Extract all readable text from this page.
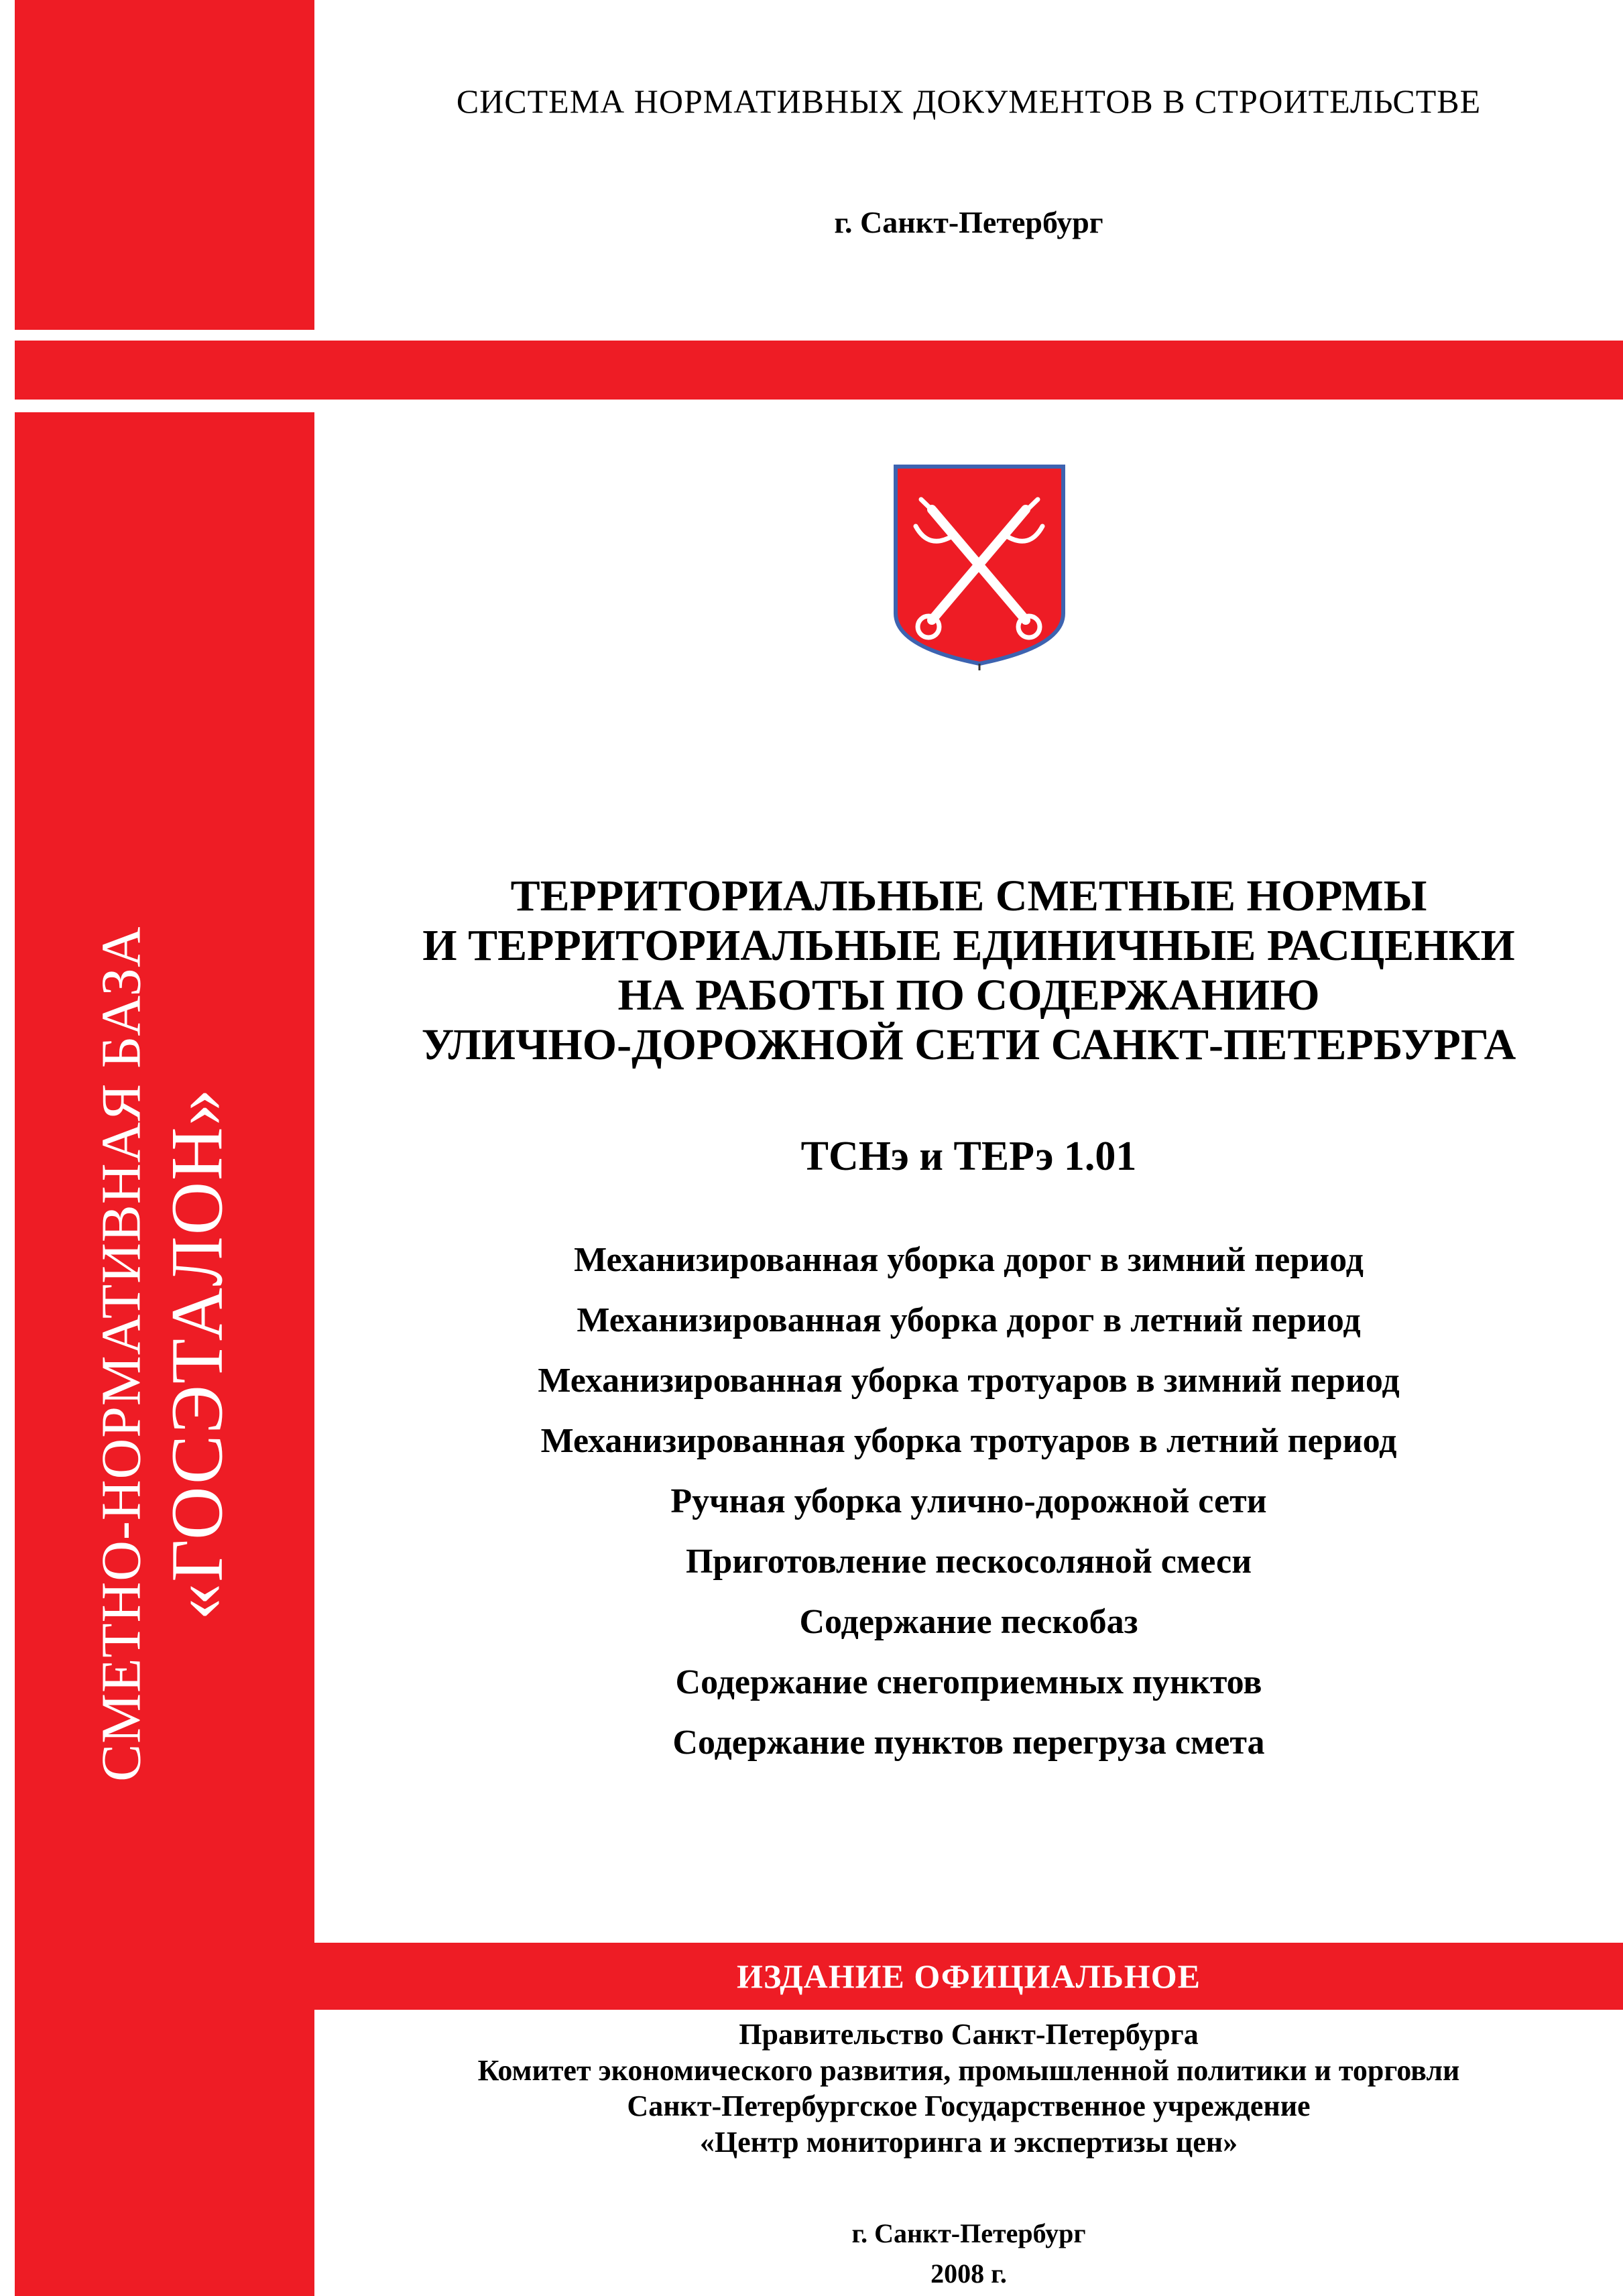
СМЕТНО-НОРМАТИВНАЯ БАЗА «ГОСЭТАЛОН»
СИСТЕМА НОРМАТИВНЫХ ДОКУМЕНТОВ В СТРОИТЕЛЬСТВЕ
г. Санкт-Петербург
ТЕРРИТОРИАЛЬНЫЕ СМЕТНЫЕ НОРМЫ
И ТЕРРИТОРИАЛЬНЫЕ ЕДИНИЧНЫЕ РАСЦЕНКИ
НА РАБОТЫ ПО СОДЕРЖАНИЮ
УЛИЧНО-ДОРОЖНОЙ СЕТИ САНКТ-ПЕТЕРБУРГА
ТСНэ и ТЕРэ 1.01
Механизированная уборка дорог в зимний период
Механизированная уборка дорог в летний период
Механизированная уборка тротуаров в зимний период
Механизированная уборка тротуаров в летний период
Ручная уборка улично-дорожной сети
Приготовление пескосоляной смеси
Содержание пескобаз
Содержание снегоприемных пунктов
Содержание пунктов перегруза смета
ИЗДАНИЕ ОФИЦИАЛЬНОЕ
Правительство Санкт-Петербурга
Комитет экономического развития, промышленной политики и торговли
Санкт-Петербургское Государственное учреждение
«Центр мониторинга и экспертизы цен»
г. Санкт-Петербург
2008 г.
